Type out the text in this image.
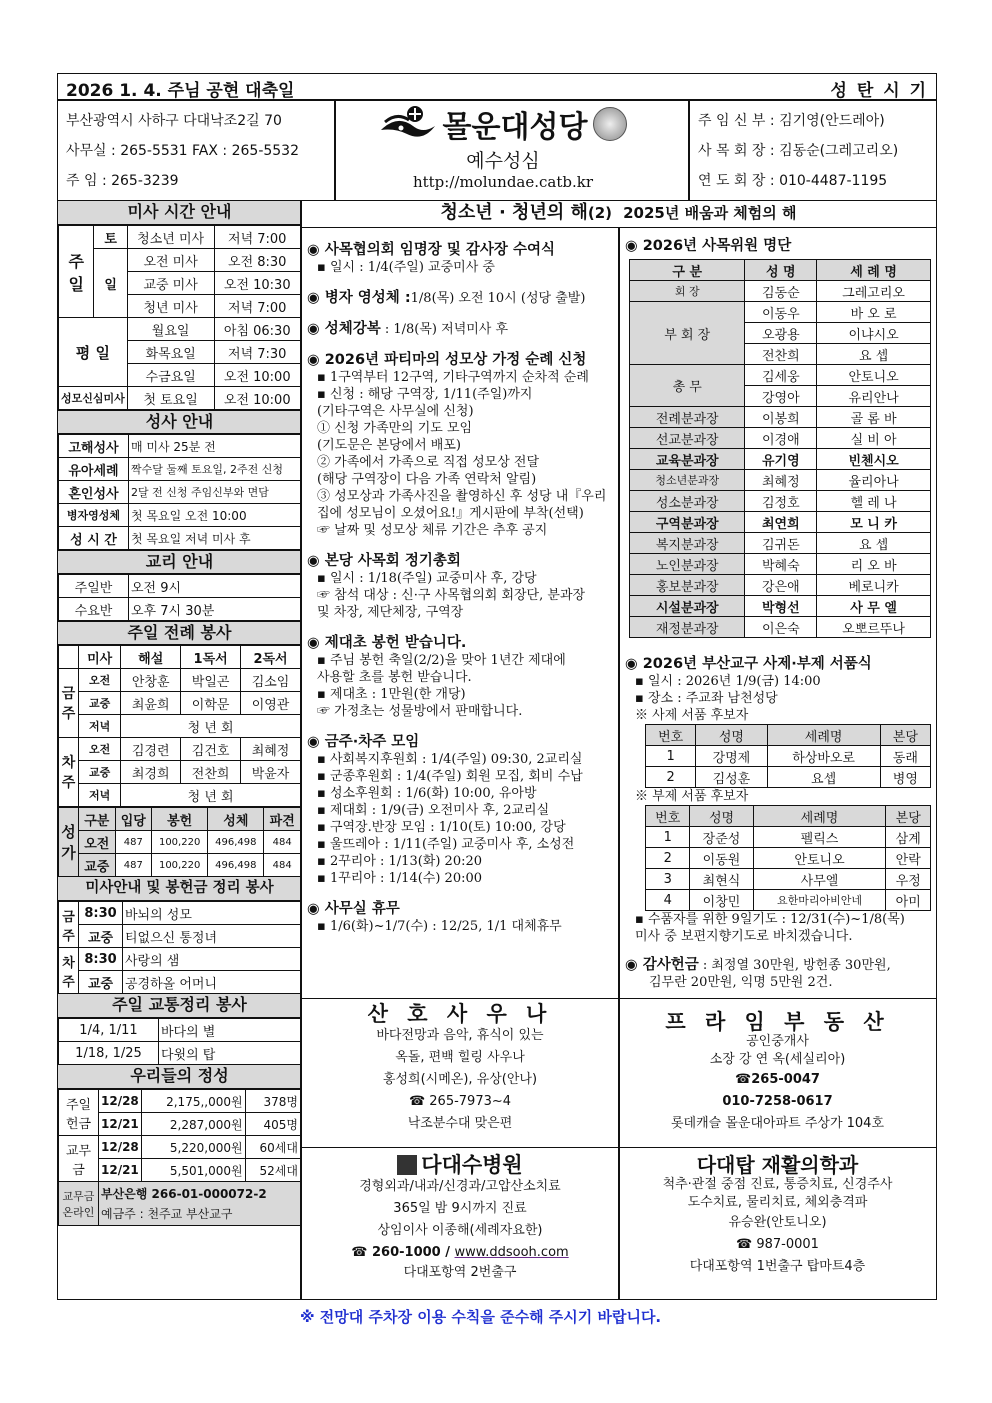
2026 1. 4. 주님 공현 대축일	성 탄 시 기
부산광역시 사하구 다대낙조2길 70
사무실 : 265-5531 FAX : 265-5532
주 임 : 265-3239
몰운대성당
예수성심
http://molundae.catb.kr
주 임 신 부 : 김기영(안드레아)
사 목 회 장 : 김동순(그레고리오)
연 도 회 장 : 010-4487-1195
미사 시간 안내
주일	토	청소년 미사	저녁 7:00
	일	오전 미사	오전 8:30
		교중 미사	오전 10:30
		청년 미사	저녁 7:00
평 일		월요일	아침 06:30
		화목요일	저녁 7:30
		수금요일	오전 10:00
성모신심미사		첫 토요일	오전 10:00
성사 안내
고해성사	매 미사 25분 전
유아세례	짝수달 둘째 토요일, 2주전 신청
혼인성사	2달 전 신청 주임신부와 면담
병자영성체	첫 목요일 오전 10:00
성 시 간	첫 목요일 저녁 미사 후
교리 안내
주일반	오전 9시
수요반	오후 7시 30분
주일 전례 봉사
	미사	해설	1독서	2독서
금주	오전	안창훈	박일곤	김소임
	교중	최윤희	이학문	이영관
	저녁	청 년 회		
차주	오전	김경련	김건호	최혜정
	교중	최경희	전찬희	박윤자
	저녁	청 년 회		
성가	구분	입당	봉헌	성체	파견
	오전	487	100,220	496,498	484
	교중	487	100,220	496,498	484
미사안내 및 봉헌금 정리 봉사
금주	8:30	바뇌의 성모
	교중	티없으신 통정녀
차주	8:30	사랑의 샘
	교중	공경하올 어머니
주일 교통정리 봉사
1/4, 1/11	바다의 별
1/18, 1/25	다윗의 탑
우리들의 정성
주일헌금	12/28	2,175,,000원	378명
	12/21	2,287,000원	405명
교무금	12/28	5,220,000원	60세대
	12/21	5,501,000원	52세대
교무금 온라인	부산은행 266-01-000072-2
예금주 : 천주교 부산교구		
청소년 · 청년의 해(2) 2025년 배움과 체험의 해
◉ 사목협의회 임명장 및 감사장 수여식
▪ 일시 : 1/4(주일) 교중미사 중
◉ 병자 영성체 :1/8(목) 오전 10시 (성당 출발)
◉ 성체강복 : 1/8(목) 저녁미사 후
◉ 2026년 파티마의 성모상 가정 순례 신청
▪ 1구역부터 12구역, 기타구역까지 순차적 순례
▪ 신청 : 해당 구역장, 1/11(주일)까지
(기타구역은 사무실에 신청)
① 신청 가족만의 기도 모임
(기도문은 본당에서 배포)
② 가족에서 가족으로 직접 성모상 전달
(해당 구역장이 다음 가족 연락처 알림)
③ 성모상과 가족사진을 촬영하신 후 성당 내『우리
집에 성모님이 오셨어요!』게시판에 부착(선택)
☞ 날짜 및 성모상 체류 기간은 추후 공지
◉ 본당 사목회 정기총회
▪ 일시 : 1/18(주일) 교중미사 후, 강당
☞ 참석 대상 : 신·구 사목협의회 회장단, 분과장
및 차장, 제단체장, 구역장
◉ 제대초 봉헌 받습니다.
▪ 주님 봉헌 축일(2/2)을 맞아 1년간 제대에
사용할 초를 봉헌 받습니다.
▪ 제대초 : 1만원(한 개당)
☞ 가정초는 성물방에서 판매합니다.
◉ 금주·차주 모임
▪ 사회복지후원회 : 1/4(주일) 09:30, 2교리실
▪ 군종후원회 : 1/4(주일) 회원 모집, 회비 수납
▪ 성소후원회 : 1/6(화) 10:00, 유아방
▪ 제대회 : 1/9(금) 오전미사 후, 2교리실
▪ 구역장.반장 모임 : 1/10(토) 10:00, 강당
▪ 울뜨레아 : 1/11(주일) 교중미사 후, 소성전
▪ 2꾸리아 : 1/13(화) 20:20
▪ 1꾸리아 : 1/14(수) 20:00
◉ 사무실 휴무
▪ 1/6(화)~1/7(수) : 12/25, 1/1 대체휴무
◉ 2026년 사목위원 명단
구 분	성 명	세 례 명
회 장	김동순	그레고리오
부 회 장	이동우	바 오 로
	오광용	이냐시오
	전찬희	요 셉
총 무	김세웅	안토니오
	강영아	유리안나
전례분과장	이봉희	골 롬 바
선교분과장	이경애	실 비 아
교육분과장	유기영	빈첸시오
청소년분과장	최혜정	율리아나
성소분과장	김정호	헬 레 나
구역분과장	최연희	모 니 카
복지분과장	김귀돈	요 셉
노인분과장	박혜숙	리 오 바
홍보분과장	강은애	베로니카
시설분과장	박형선	사 무 엘
재정분과장	이은숙	오뽀르뚜나
◉ 2026년 부산교구 사제·부제 서품식
▪ 일시 : 2026년 1/9(금) 14:00
▪ 장소 : 주교좌 남천성당
※ 사제 서품 후보자
번호	성명	세례명	본당
1	강명제	하상바오로	동래
2	김성훈	요셉	병영
※ 부제 서품 후보자
번호	성명	세례명	본당
1	장준성	펠릭스	삼계
2	이동원	안토니오	안락
3	최현식	사무엘	우정
4	이창민	요한마리아비안네	아미
▪ 수품자를 위한 9일기도 : 12/31(수)~1/8(목)
미사 중 보편지향기도로 바치겠습니다.
◉ 감사헌금 : 최정열 30만원, 방헌종 30만원,
김무란 20만원, 익명 5만원 2건.
산 호 사 우 나
바다전망과 음악, 휴식이 있는
옥돌, 편백 힐링 사우나
홍성희(시메온), 유상(안나)
☎ 265-7973~4
낙조분수대 맞은편
프 라 임 부 동 산
공인중개사
소장 강 연 옥(세실리아)
☎265-0047
010-7258-0617
롯데캐슬 몰운대아파트 주상가 104호
다대수병원
경형외과/내과/신경과/고압산소치료
365일 밤 9시까지 진료
상임이사 이종해(세례자요한)
☎ 260-1000 / www.ddsooh.com
다대포항역 2번출구
다대탑 재활의학과
척추·관절 중점 진료, 통증치료, 신경주사
도수치료, 물리치료, 체외충격파
유승완(안토니오)
☎ 987-0001
다대포항역 1번출구 탑마트4층
※ 전망대 주차장 이용 수칙을 준수해 주시기 바랍니다.
